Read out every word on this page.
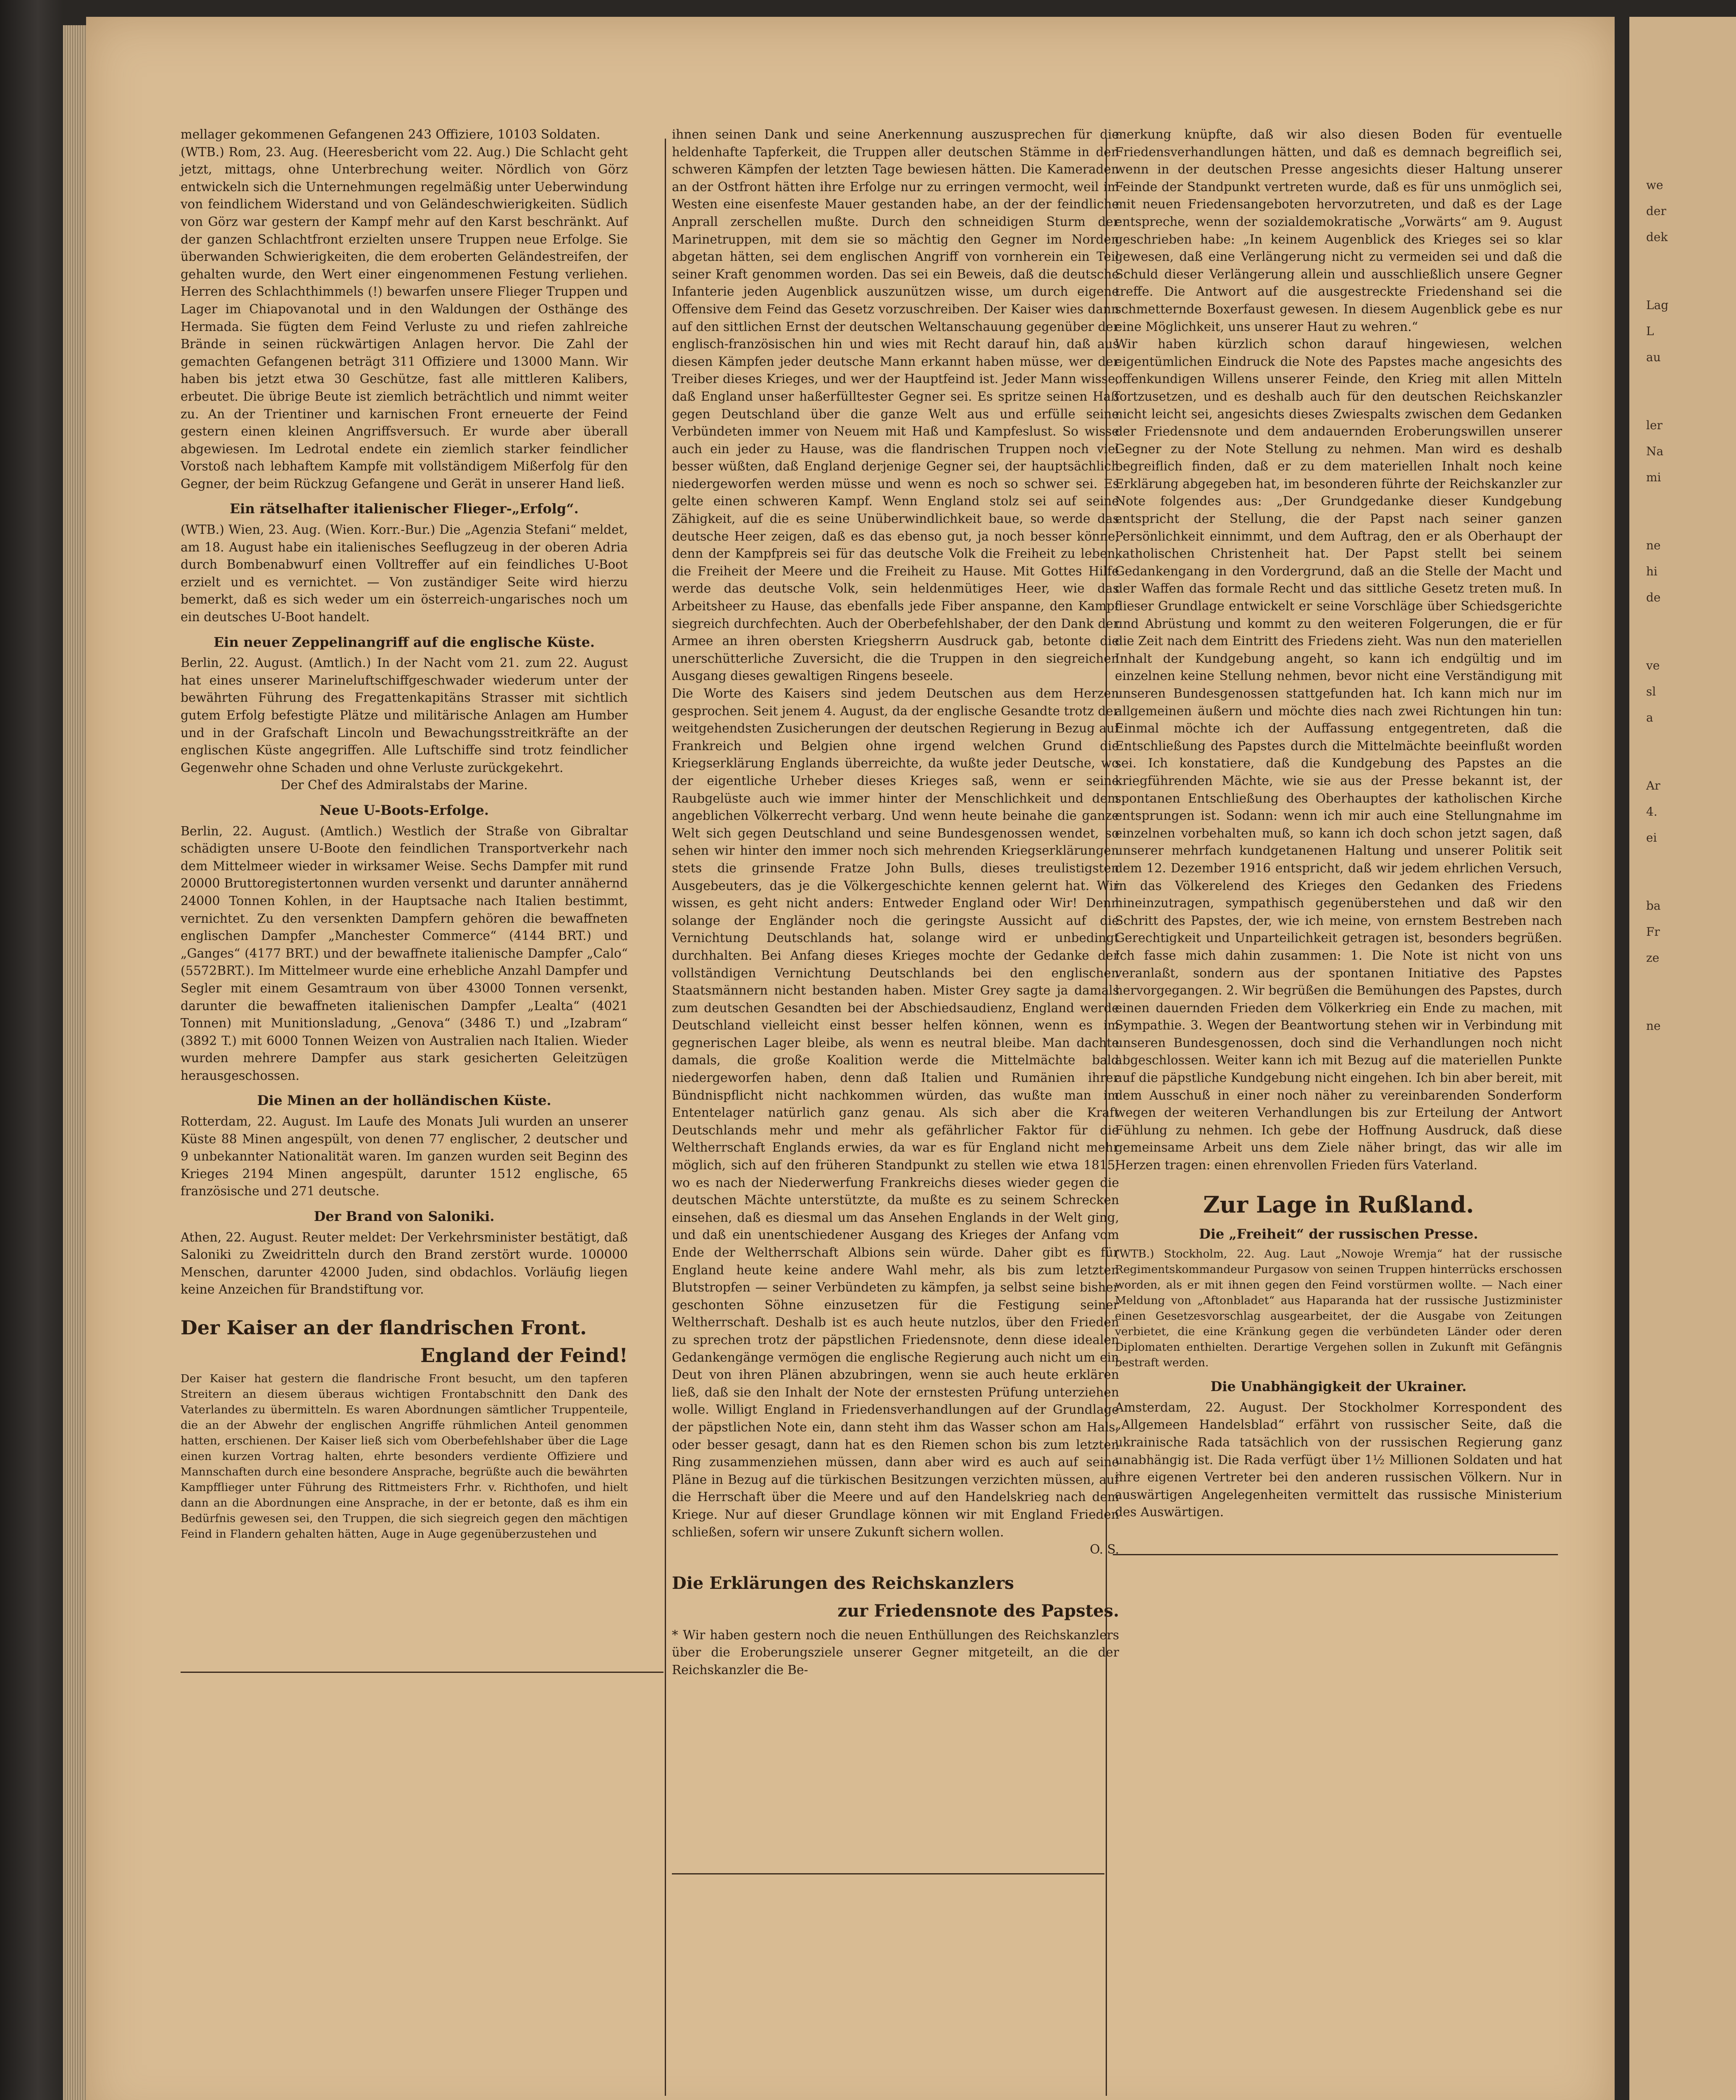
mellager gekommenen Gefangenen 243 Offiziere, 10103 Soldaten.

(WTB.) Rom, 23. Aug. (Heeresbericht vom 22. Aug.) Die Schlacht geht jetzt, mittags, ohne Unterbrechung weiter. Nördlich von Görz entwickeln sich die Unternehmungen regelmäßig unter Ueberwindung von feindlichem Widerstand und von Geländeschwierigkeiten. Südlich von Görz war gestern der Kampf mehr auf den Karst beschränkt. Auf der ganzen Schlachtfront erzielten unsere Truppen neue Erfolge. Sie überwanden Schwierigkeiten, die dem eroberten Geländestreifen, der gehalten wurde, den Wert einer eingenommenen Festung verliehen. Herren des Schlachthimmels (!) bewarfen unsere Flieger Truppen und Lager im Chiapovanotal und in den Waldungen der Osthänge des Hermada. Sie fügten dem Feind Verluste zu und riefen zahlreiche Brände in seinen rückwärtigen Anlagen hervor. Die Zahl der gemachten Gefangenen beträgt 311 Offiziere und 13000 Mann. Wir haben bis jetzt etwa 30 Geschütze, fast alle mittleren Kalibers, erbeutet. Die übrige Beute ist ziemlich beträchtlich und nimmt weiter zu. An der Trientiner und karnischen Front erneuerte der Feind gestern einen kleinen Angriffsversuch. Er wurde aber überall abgewiesen. Im Ledrotal endete ein ziemlich starker feindlicher Vorstoß nach lebhaftem Kampfe mit vollständigem Mißerfolg für den Gegner, der beim Rückzug Gefangene und Gerät in unserer Hand ließ.

Ein rätselhafter italienischer Flieger-„Erfolg“.

(WTB.) Wien, 23. Aug. (Wien. Korr.-Bur.) Die „Agenzia Stefani“ meldet, am 18. August habe ein italienisches Seeflugzeug in der oberen Adria durch Bombenabwurf einen Volltreffer auf ein feindliches U-Boot erzielt und es vernichtet. — Von zuständiger Seite wird hierzu bemerkt, daß es sich weder um ein österreich-ungarisches noch um ein deutsches U-Boot handelt.

Ein neuer Zeppelinangriff auf die englische Küste.

Berlin, 22. August. (Amtlich.) In der Nacht vom 21. zum 22. August hat eines unserer Marineluftschiffgeschwader wiederum unter der bewährten Führung des Fregattenkapitäns Strasser mit sichtlich gutem Erfolg befestigte Plätze und militärische Anlagen am Humber und in der Grafschaft Lincoln und Bewachungsstreitkräfte an der englischen Küste angegriffen. Alle Luftschiffe sind trotz feindlicher Gegenwehr ohne Schaden und ohne Verluste zurückgekehrt.

Der Chef des Admiralstabs der Marine.

Neue U-Boots-Erfolge.

Berlin, 22. August. (Amtlich.) Westlich der Straße von Gibraltar schädigten unsere U-Boote den feindlichen Transportverkehr nach dem Mittelmeer wieder in wirksamer Weise. Sechs Dampfer mit rund 20000 Bruttoregistertonnen wurden versenkt und darunter annähernd 24000 Tonnen Kohlen, in der Hauptsache nach Italien bestimmt, vernichtet. Zu den versenkten Dampfern gehören die bewaffneten englischen Dampfer „Manchester Commerce“ (4144 BRT.) und „Ganges“ (4177 BRT.) und der bewaffnete italienische Dampfer „Calo“ (5572BRT.). Im Mittelmeer wurde eine erhebliche Anzahl Dampfer und Segler mit einem Gesamtraum von über 43000 Tonnen versenkt, darunter die bewaffneten italienischen Dampfer „Lealta“ (4021 Tonnen) mit Munitionsladung, „Genova“ (3486 T.) und „Izabram“ (3892 T.) mit 6000 Tonnen Weizen von Australien nach Italien. Wieder wurden mehrere Dampfer aus stark gesicherten Geleitzügen herausgeschossen.

Die Minen an der holländischen Küste.

Rotterdam, 22. August. Im Laufe des Monats Juli wurden an unserer Küste 88 Minen angespült, von denen 77 englischer, 2 deutscher und 9 unbekannter Nationalität waren. Im ganzen wurden seit Beginn des Krieges 2194 Minen angespült, darunter 1512 englische, 65 französische und 271 deutsche.

Der Brand von Saloniki.

Athen, 22. August. Reuter meldet: Der Verkehrsminister bestätigt, daß Saloniki zu Zweidritteln durch den Brand zerstört wurde. 100000 Menschen, darunter 42000 Juden, sind obdachlos. Vorläufig liegen keine Anzeichen für Brandstiftung vor.

Der Kaiser an der flandrischen Front.
England der Feind!

Der Kaiser hat gestern die flandrische Front besucht, um den tapferen Streitern an diesem überaus wichtigen Frontabschnitt den Dank des Vaterlandes zu übermitteln. Es waren Abordnungen sämtlicher Truppenteile, die an der Abwehr der englischen Angriffe rühmlichen Anteil genommen hatten, erschienen. Der Kaiser ließ sich vom Oberbefehlshaber über die Lage einen kurzen Vortrag halten, ehrte besonders verdiente Offiziere und Mannschaften durch eine besondere Ansprache, begrüßte auch die bewährten Kampfflieger unter Führung des Rittmeisters Frhr. v. Richthofen, und hielt dann an die Abordnungen eine Ansprache, in der er betonte, daß es ihm ein Bedürfnis gewesen sei, den Truppen, die sich siegreich gegen den mächtigen Feind in Flandern gehalten hätten, Auge in Auge gegenüberzustehen und

ihnen seinen Dank und seine Anerkennung auszusprechen für die heldenhafte Tapferkeit, die Truppen aller deutschen Stämme in den schweren Kämpfen der letzten Tage bewiesen hätten. Die Kameraden an der Ostfront hätten ihre Erfolge nur zu erringen vermocht, weil im Westen eine eisenfeste Mauer gestanden habe, an der der feindliche Anprall zerschellen mußte. Durch den schneidigen Sturm der Marinetruppen, mit dem sie so mächtig den Gegner im Norden abgetan hätten, sei dem englischen Angriff von vornherein ein Teil seiner Kraft genommen worden. Das sei ein Beweis, daß die deutsche Infanterie jeden Augenblick auszunützen wisse, um durch eigene Offensive dem Feind das Gesetz vorzuschreiben. Der Kaiser wies dann auf den sittlichen Ernst der deutschen Weltanschauung gegenüber der englisch-französischen hin und wies mit Recht darauf hin, daß aus diesen Kämpfen jeder deutsche Mann erkannt haben müsse, wer der Treiber dieses Krieges, und wer der Hauptfeind ist. Jeder Mann wisse, daß England unser haßerfülltester Gegner sei. Es spritze seinen Haß gegen Deutschland über die ganze Welt aus und erfülle seine Verbündeten immer von Neuem mit Haß und Kampfeslust. So wisse auch ein jeder zu Hause, was die flandrischen Truppen noch viel besser wüßten, daß England derjenige Gegner sei, der hauptsächlich niedergeworfen werden müsse und wenn es noch so schwer sei. Es gelte einen schweren Kampf. Wenn England stolz sei auf seine Zähigkeit, auf die es seine Unüberwindlichkeit baue, so werde das deutsche Heer zeigen, daß es das ebenso gut, ja noch besser könne, denn der Kampfpreis sei für das deutsche Volk die Freiheit zu leben, die Freiheit der Meere und die Freiheit zu Hause. Mit Gottes Hilfe werde das deutsche Volk, sein heldenmütiges Heer, wie das Arbeitsheer zu Hause, das ebenfalls jede Fiber anspanne, den Kampf siegreich durchfechten. Auch der Oberbefehlshaber, der den Dank der Armee an ihren obersten Kriegsherrn Ausdruck gab, betonte die unerschütterliche Zuversicht, die die Truppen in den siegreichen Ausgang dieses gewaltigen Ringens beseele.

Die Worte des Kaisers sind jedem Deutschen aus dem Herzen gesprochen. Seit jenem 4. August, da der englische Gesandte trotz der weitgehendsten Zusicherungen der deutschen Regierung in Bezug auf Frankreich und Belgien ohne irgend welchen Grund die Kriegserklärung Englands überreichte, da wußte jeder Deutsche, wo der eigentliche Urheber dieses Krieges saß, wenn er seine Raubgelüste auch wie immer hinter der Menschlichkeit und dem angeblichen Völkerrecht verbarg. Und wenn heute beinahe die ganze Welt sich gegen Deutschland und seine Bundesgenossen wendet, so sehen wir hinter den immer noch sich mehrenden Kriegserklärungen stets die grinsende Fratze John Bulls, dieses treulistigsten Ausgebeuters, das je die Völkergeschichte kennen gelernt hat. Wir wissen, es geht nicht anders: Entweder England oder Wir! Denn solange der Engländer noch die geringste Aussicht auf die Vernichtung Deutschlands hat, solange wird er unbedingt durchhalten. Bei Anfang dieses Krieges mochte der Gedanke der vollständigen Vernichtung Deutschlands bei den englischen Staatsmännern nicht bestanden haben. Mister Grey sagte ja damals zum deutschen Gesandten bei der Abschiedsaudienz, England werde Deutschland vielleicht einst besser helfen können, wenn es im gegnerischen Lager bleibe, als wenn es neutral bleibe. Man dachte damals, die große Koalition werde die Mittelmächte bald niedergeworfen haben, denn daß Italien und Rumänien ihrer Bündnispflicht nicht nachkommen würden, das wußte man im Ententelager natürlich ganz genau. Als sich aber die Kraft Deutschlands mehr und mehr als gefährlicher Faktor für die Weltherrschaft Englands erwies, da war es für England nicht mehr möglich, sich auf den früheren Standpunkt zu stellen wie etwa 1815, wo es nach der Niederwerfung Frankreichs dieses wieder gegen die deutschen Mächte unterstützte, da mußte es zu seinem Schrecken einsehen, daß es diesmal um das Ansehen Englands in der Welt ging, und daß ein unentschiedener Ausgang des Krieges der Anfang vom Ende der Weltherrschaft Albions sein würde. Daher gibt es für England heute keine andere Wahl mehr, als bis zum letzten Blutstropfen — seiner Verbündeten zu kämpfen, ja selbst seine bisher geschonten Söhne einzusetzen für die Festigung seiner Weltherrschaft. Deshalb ist es auch heute nutzlos, über den Frieden zu sprechen trotz der päpstlichen Friedensnote, denn diese idealen Gedankengänge vermögen die englische Regierung auch nicht um ein Deut von ihren Plänen abzubringen, wenn sie auch heute erklären ließ, daß sie den Inhalt der Note der ernstesten Prüfung unterziehen wolle. Willigt England in Friedensverhandlungen auf der Grundlage der päpstlichen Note ein, dann steht ihm das Wasser schon am Hals, oder besser gesagt, dann hat es den Riemen schon bis zum letzten Ring zusammenziehen müssen, dann aber wird es auch auf seine Pläne in Bezug auf die türkischen Besitzungen verzichten müssen, auf die Herrschaft über die Meere und auf den Handelskrieg nach dem Kriege. Nur auf dieser Grundlage können wir mit England Frieden schließen, sofern wir unsere Zukunft sichern wollen.

O. S.

Die Erklärungen des Reichskanzlers
zur Friedensnote des Papstes.

* Wir haben gestern noch die neuen Enthüllungen des Reichskanzlers über die Eroberungsziele unserer Gegner mitgeteilt, an die der Reichskanzler die Be-

merkung knüpfte, daß wir also diesen Boden für eventuelle Friedensverhandlungen hätten, und daß es demnach begreiflich sei, wenn in der deutschen Presse angesichts dieser Haltung unserer Feinde der Standpunkt vertreten wurde, daß es für uns unmöglich sei, mit neuen Friedensangeboten hervorzutreten, und daß es der Lage entspreche, wenn der sozialdemokratische „Vorwärts“ am 9. August geschrieben habe: „In keinem Augenblick des Krieges sei so klar gewesen, daß eine Verlängerung nicht zu vermeiden sei und daß die Schuld dieser Verlängerung allein und ausschließlich unsere Gegner treffe. Die Antwort auf die ausgestreckte Friedenshand sei die schmetternde Boxerfaust gewesen. In diesem Augenblick gebe es nur eine Möglichkeit, uns unserer Haut zu wehren.“

Wir haben kürzlich schon darauf hingewiesen, welchen eigentümlichen Eindruck die Note des Papstes mache angesichts des offenkundigen Willens unserer Feinde, den Krieg mit allen Mitteln fortzusetzen, und es deshalb auch für den deutschen Reichskanzler nicht leicht sei, angesichts dieses Zwiespalts zwischen dem Gedanken der Friedensnote und dem andauernden Eroberungswillen unserer Gegner zu der Note Stellung zu nehmen. Man wird es deshalb begreiflich finden, daß er zu dem materiellen Inhalt noch keine Erklärung abgegeben hat, im besonderen führte der Reichskanzler zur Note folgendes aus: „Der Grundgedanke dieser Kundgebung entspricht der Stellung, die der Papst nach seiner ganzen Persönlichkeit einnimmt, und dem Auftrag, den er als Oberhaupt der katholischen Christenheit hat. Der Papst stellt bei seinem Gedankengang in den Vordergrund, daß an die Stelle der Macht und der Waffen das formale Recht und das sittliche Gesetz treten muß. In dieser Grundlage entwickelt er seine Vorschläge über Schiedsgerichte und Abrüstung und kommt zu den weiteren Folgerungen, die er für die Zeit nach dem Eintritt des Friedens zieht. Was nun den materiellen Inhalt der Kundgebung angeht, so kann ich endgültig und im einzelnen keine Stellung nehmen, bevor nicht eine Verständigung mit unseren Bundesgenossen stattgefunden hat. Ich kann mich nur im allgemeinen äußern und möchte dies nach zwei Richtungen hin tun: Einmal möchte ich der Auffassung entgegentreten, daß die Entschließung des Papstes durch die Mittelmächte beeinflußt worden sei. Ich konstatiere, daß die Kundgebung des Papstes an die kriegführenden Mächte, wie sie aus der Presse bekannt ist, der spontanen Entschließung des Oberhauptes der katholischen Kirche entsprungen ist. Sodann: wenn ich mir auch eine Stellungnahme im einzelnen vorbehalten muß, so kann ich doch schon jetzt sagen, daß unserer mehrfach kundgetanenen Haltung und unserer Politik seit dem 12. Dezember 1916 entspricht, daß wir jedem ehrlichen Versuch, in das Völkerelend des Krieges den Gedanken des Friedens hineinzutragen, sympathisch gegenüberstehen und daß wir den Schritt des Papstes, der, wie ich meine, von ernstem Bestreben nach Gerechtigkeit und Unparteilichkeit getragen ist, besonders begrüßen. Ich fasse mich dahin zusammen: 1. Die Note ist nicht von uns veranlaßt, sondern aus der spontanen Initiative des Papstes hervorgegangen. 2. Wir begrüßen die Bemühungen des Papstes, durch einen dauernden Frieden dem Völkerkrieg ein Ende zu machen, mit Sympathie. 3. Wegen der Beantwortung stehen wir in Verbindung mit unseren Bundesgenossen, doch sind die Verhandlungen noch nicht abgeschlossen. Weiter kann ich mit Bezug auf die materiellen Punkte auf die päpstliche Kundgebung nicht eingehen. Ich bin aber bereit, mit dem Ausschuß in einer noch näher zu vereinbarenden Sonderform wegen der weiteren Verhandlungen bis zur Erteilung der Antwort Fühlung zu nehmen. Ich gebe der Hoffnung Ausdruck, daß diese gemeinsame Arbeit uns dem Ziele näher bringt, das wir alle im Herzen tragen: einen ehrenvollen Frieden fürs Vaterland.

Zur Lage in Rußland.
Die „Freiheit“ der russischen Presse.

(WTB.) Stockholm, 22. Aug. Laut „Nowoje Wremja“ hat der russische Regimentskommandeur Purgasow von seinen Truppen hinterrücks erschossen worden, als er mit ihnen gegen den Feind vorstürmen wollte. — Nach einer Meldung von „Aftonbladet“ aus Haparanda hat der russische Justizminister einen Gesetzesvorschlag ausgearbeitet, der die Ausgabe von Zeitungen verbietet, die eine Kränkung gegen die verbündeten Länder oder deren Diplomaten enthielten. Derartige Vergehen sollen in Zukunft mit Gefängnis bestraft werden.

Die Unabhängigkeit der Ukrainer.

Amsterdam, 22. August. Der Stockholmer Korrespondent des „Allgemeen Handelsblad“ erfährt von russischer Seite, daß die ukrainische Rada tatsächlich von der russischen Regierung ganz unabhängig ist. Die Rada verfügt über 1½ Millionen Soldaten und hat ihre eigenen Vertreter bei den anderen russischen Völkern. Nur in auswärtigen Angelegenheiten vermittelt das russische Ministerium des Auswärtigen.

we
der
dek
Lag
L
au
ler
Na
mi
ne
hi
de
ve
sl
a
Ar
4.
ei
ba
Fr
ze
ne
